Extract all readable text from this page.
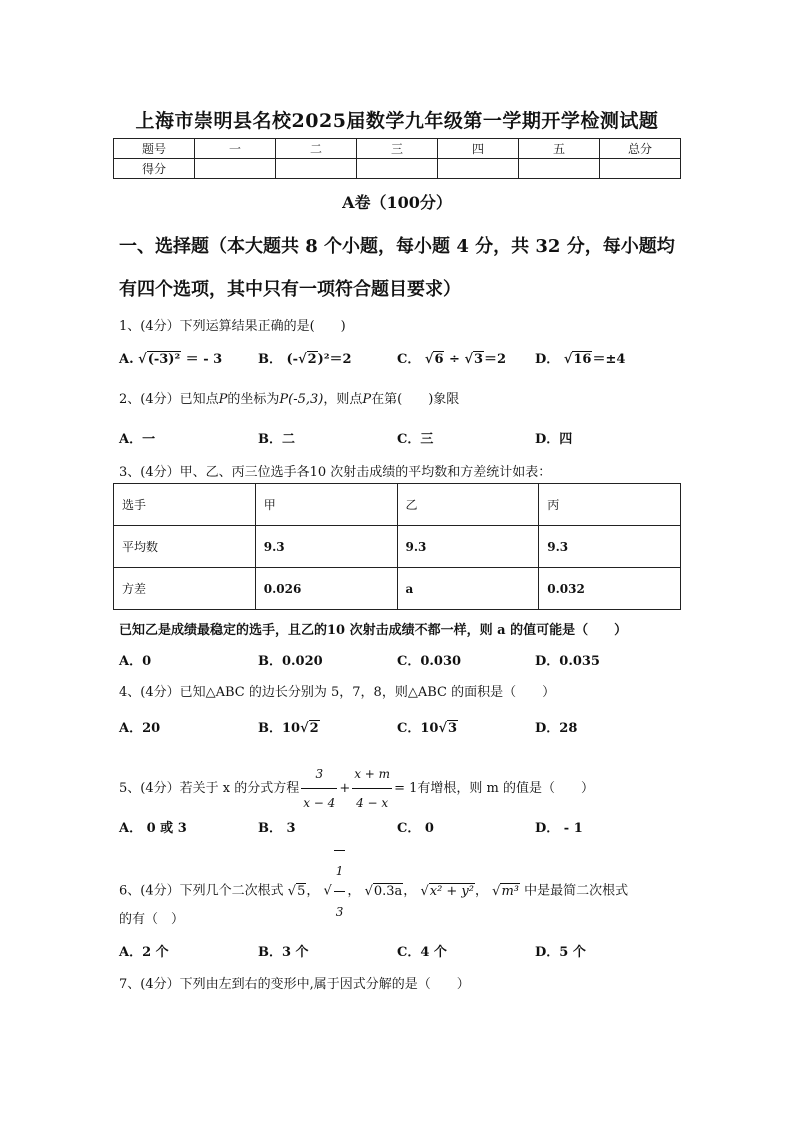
上海市崇明县名校2025届数学九年级第一学期开学检测试题
题号	一	二	三	四	五	总分
得分						
A卷（100分）
一、选择题（本大题共 8 个小题，每小题 4 分，共 32 分，每小题均
有四个选项，其中只有一项符合题目要求）
1、(4分）下列运算结果正确的是(　　)
A. √(-3)² ＝ - 3	B． (-√2)²＝2	C． √6 ÷ √3＝2 D． √16＝±4
2、(4分）已知点P的坐标为P(-5,3)，则点P在第(　　)象限
A．一	B．二	C．三	D．四
3、(4分）甲、乙、丙三位选手各10 次射击成绩的平均数和方差统计如表：
选手	甲	乙	丙
平均数	9.3	9.3	9.3
方差	0.026	a	0.032
已知乙是成绩最稳定的选手，且乙的10 次射击成绩不都一样，则 a 的值可能是（　　）
A．0	B．0.020	C．0.030	D．0.035
4、(4分）已知△ABC 的边长分别为 5，7，8，则△ABC 的面积是（　　）
A．20	B．10√2	C．10√3	D．28
5、(4分）若关于 x 的分式方程 $\frac{3}{x - 4} + \frac{x + m}{4 - x} = 1$有增根，则 m 的值是（　　）
A． 0 或 3	B． 3	C． 0	D． - 1
6、(4分）下列几个二次根式 √5， √ $\frac{1}{3}$ ， √0.3a， √x² + y²， √m³ 中是最简二次根式
的有（　）
A．2 个	B．3 个	C．4 个	D．5 个
7、(4分）下列由左到右的变形中,属于因式分解的是（　　）
